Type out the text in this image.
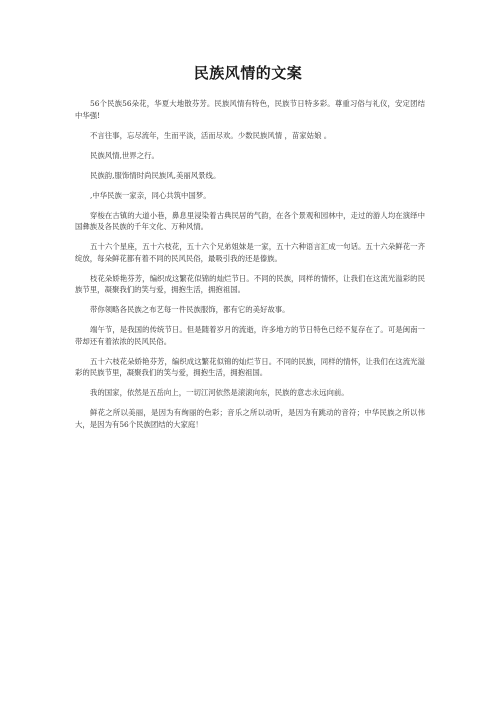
民族风情的文案

56个民族56朵花，华夏大地散芬芳。民族风情有特色，民族节日特多彩。尊重习俗与礼仪，安定团结中华强!

不言往事，忘尽流年，生而平淡，活而尽欢。少数民族风情 ，苗家姑娘 。

民族风情,世界之行。

民族韵,服饰情时尚民族风,美丽风景线。

,中华民族一家亲，同心共筑中国梦。

穿梭在古镇的大道小巷，鼻息里浸染着古典民居的气韵，在各个景观和园林中，走过的游人均在演绎中国彝族及各民族的千年文化、万种风情。

五十六个星座，五十六枝花，五十六个兄弟姐妹是一家，五十六种语言汇成一句话。五十六朵鲜花一齐绽放，每朵鲜花都有着不同的民风民俗，最吸引我的还是傣族。

枝花朵娇艳芬芳，编织成这繁花似锦的灿烂节日。不同的民族，同样的情怀，让我们在这流光溢彩的民族节里，凝聚我们的笑与爱，拥抱生活，拥抱祖国。

带你领略各民族之布艺每一件民族服饰，都有它的美好故事。

端午节，是我国的传统节日。但是随着岁月的流逝，许多地方的节日特色已经不复存在了。可是闽南一带却还有着浓浓的民风民俗。

五十六枝花朵娇艳芬芳，编织成这繁花似锦的灿烂节日。不同的民族，同样的情怀，让我们在这流光溢彩的民族节里，凝聚我们的笑与爱，拥抱生活，拥抱祖国。

我的国家，依然是五岳向上，一切江河依然是滚滚向东，民族的意志永远向前。

鲜花之所以美丽，是因为有绚丽的色彩；音乐之所以动听，是因为有跳动的音符；中华民族之所以伟大，是因为有56个民族团结的大家庭！
